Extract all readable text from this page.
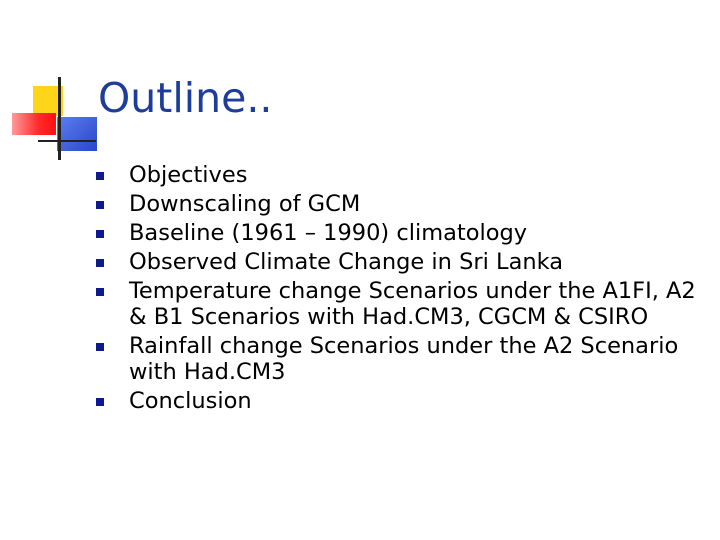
Outline..
Objectives
Downscaling of GCM
Baseline (1961 – 1990) climatology
Observed Climate Change in Sri Lanka
Temperature change Scenarios under the A1FI, A2 & B1 Scenarios with Had.CM3, CGCM & CSIRO
Rainfall change Scenarios under the A2 Scenario with Had.CM3
Conclusion
